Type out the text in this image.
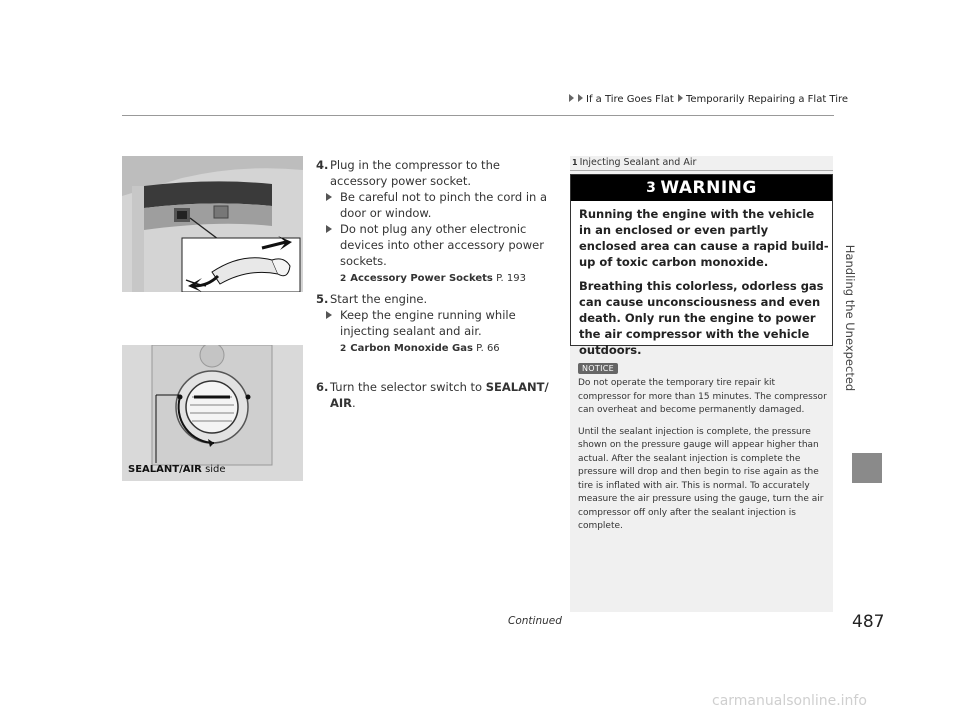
If a Tire Goes Flat Temporarily Repairing a Flat Tire
Handling the Unexpected
SEALANT/AIR side
4. Plug in the compressor to the accessory power socket.
Be careful not to pinch the cord in a door or window.
Do not plug any other electronic devices into other accessory power sockets.
2 Accessory Power Sockets P. 193
5. Start the engine.
Keep the engine running while injecting sealant and air.
2 Carbon Monoxide Gas P. 66
6. Turn the selector switch to SEALANT/ AIR.
1 Injecting Sealant and Air
3 WARNING

Running the engine with the vehicle in an enclosed or even partly enclosed area can cause a rapid build-up of toxic carbon monoxide.

Breathing this colorless, odorless gas can cause unconsciousness and even death. Only run the engine to power the air compressor with the vehicle outdoors.

NOTICE

Do not operate the temporary tire repair kit compressor for more than 15 minutes. The compressor can overheat and become permanently damaged.

Until the sealant injection is complete, the pressure shown on the pressure gauge will appear higher than actual. After the sealant injection is complete the pressure will drop and then begin to rise again as the tire is inflated with air. This is normal. To accurately measure the air pressure using the gauge, turn the air compressor off only after the sealant injection is complete.

Continued	487
carmanualsonline.info
